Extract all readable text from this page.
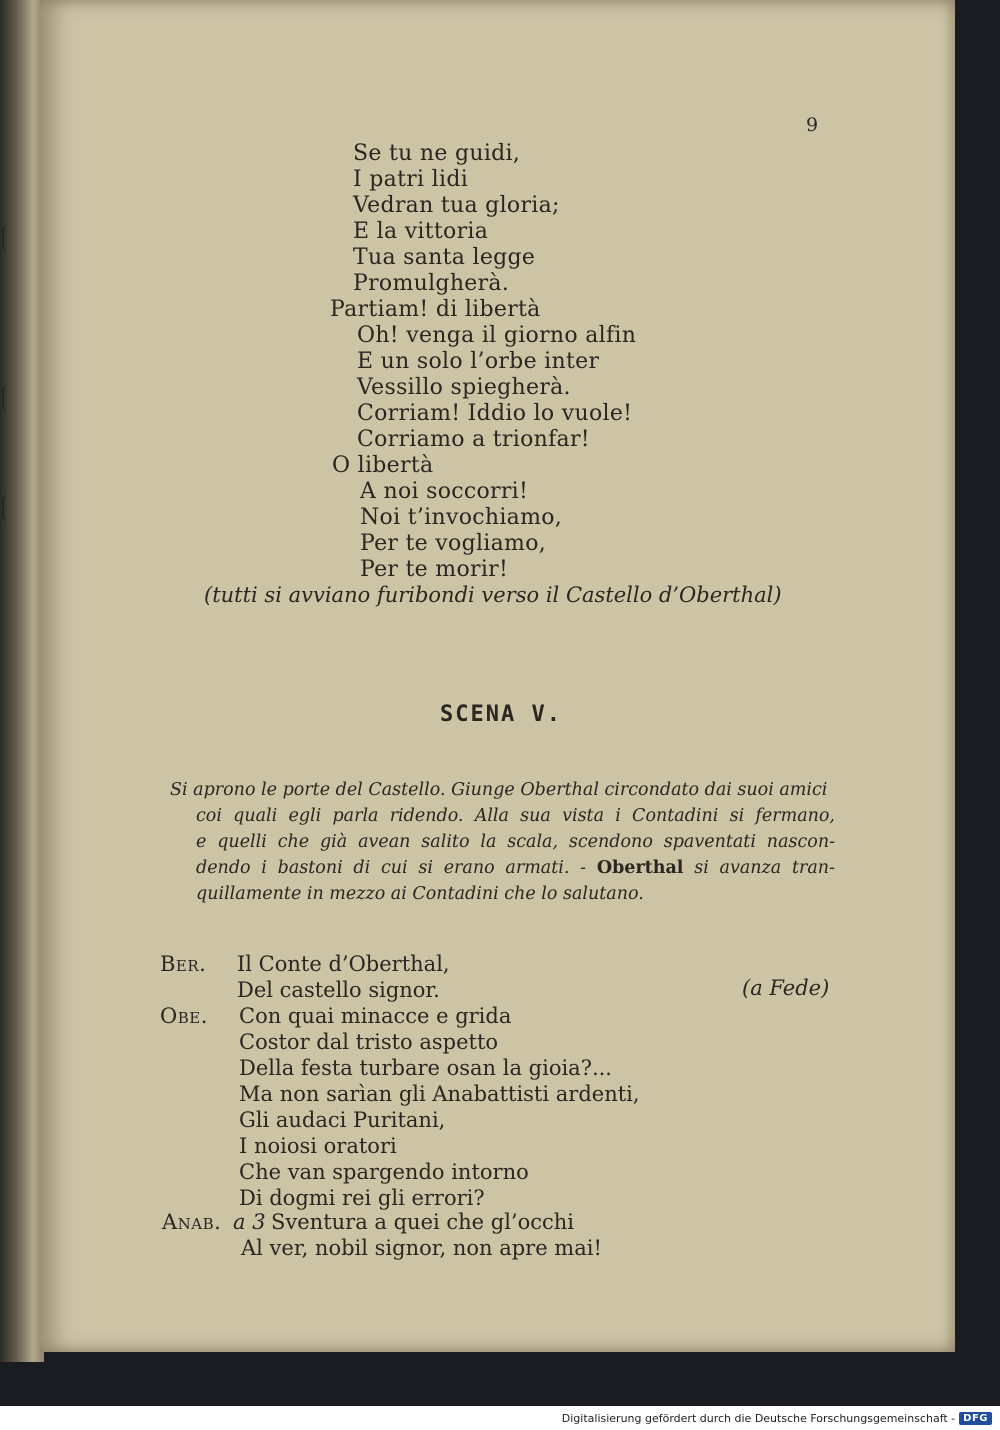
9
Se tu ne guidi,
I patri lidi
Vedran tua gloria;
E la vittoria
Tua santa legge
Promulgherà.
Partiam! di libertà
Oh! venga il giorno alfin
E un solo l’orbe inter
Vessillo spiegherà.
Corriam! Iddio lo vuole!
Corriamo a trionfar!
O libertà
A noi soccorri!
Noi t’invochiamo,
Per te vogliamo,
Per te morir!
(tutti si avviano furibondi verso il Castello d’Oberthal)
SCENA V.
Si aprono le porte del Castello. Giunge Oberthal circondato dai suoi amici
coi quali egli parla ridendo. Alla sua vista i Contadini si fermano,
e quelli che già avean salito la scala, scendono spaventati nascon-
dendo i bastoni di cui si erano armati. - Oberthal si avanza tran-
quillamente in mezzo ai Contadini che lo salutano.
Ber. Il Conte d’Oberthal,
Del castello signor.	(a Fede)
Obe. Con quai minacce e grida
Costor dal tristo aspetto
Della festa turbare osan la gioia?...
Ma non sarìan gli Anabattisti ardenti,
Gli audaci Puritani,
I noiosi oratori
Che van spargendo intorno
Di dogmi rei gli errori?
Anab. a 3 Sventura a quei che gl’occhi
Al ver, nobil signor, non apre mai!
Digitalisierung gefördert durch die Deutsche Forschungsgemeinschaft - DFG
